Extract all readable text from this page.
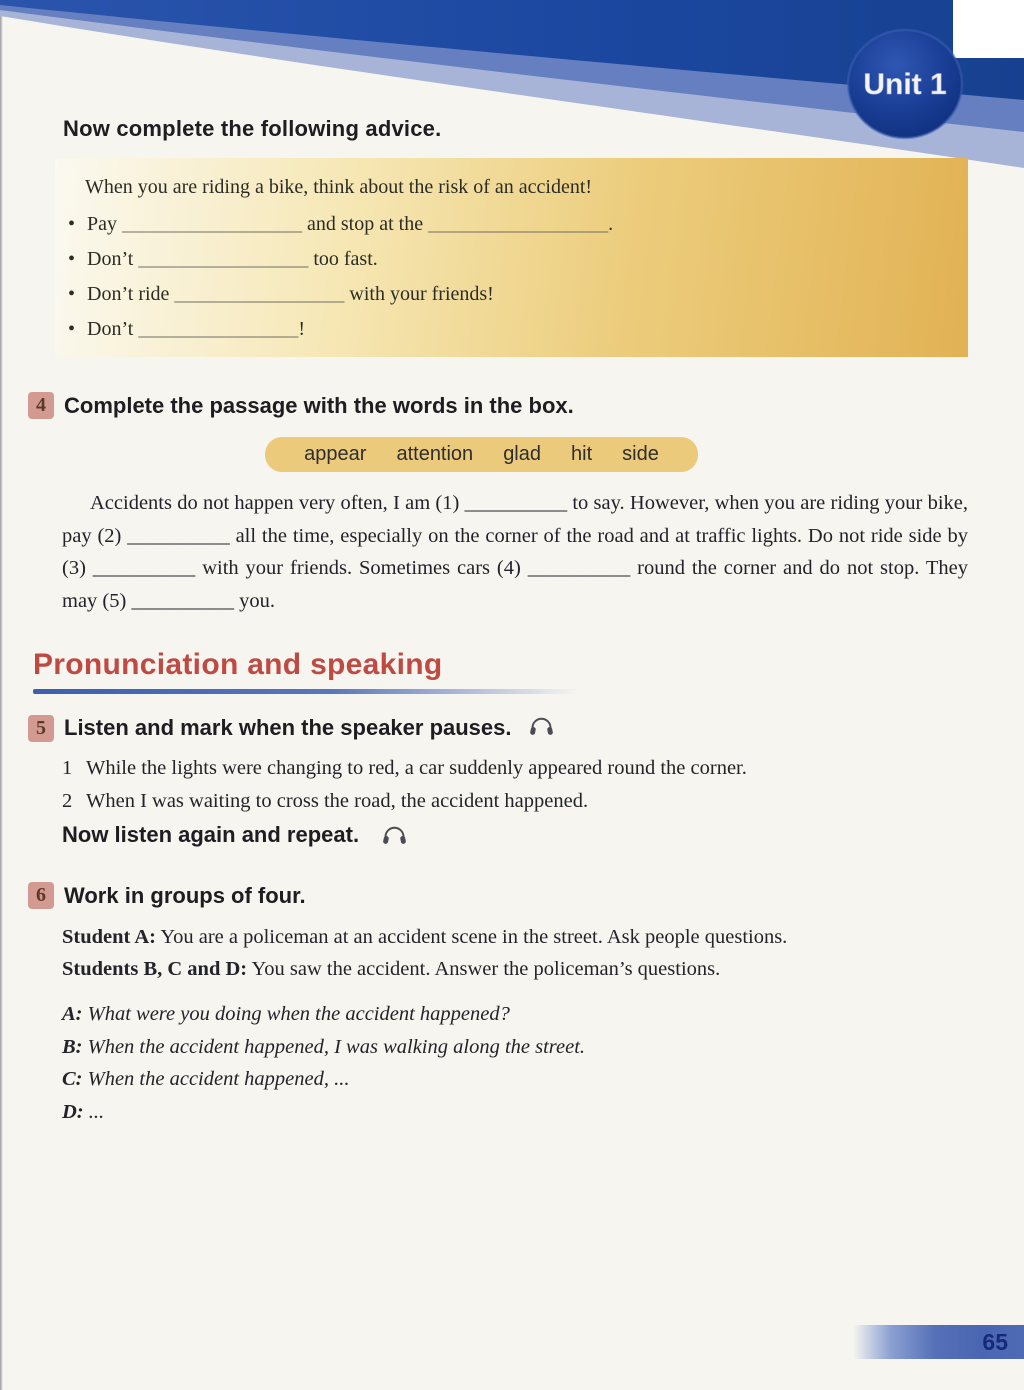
Unit 1
Now complete the following advice.
When you are riding a bike, think about the risk of an accident!
• Pay __________________ and stop at the __________________.
• Don’t _________________ too fast.
• Don’t ride _________________ with your friends!
• Don’t ________________!
4 Complete the passage with the words in the box.
appear attention glad hit side

Accidents do not happen very often, I am (1) __________ to say. However, when you are riding your bike, pay (2) __________ all the time, especially on the corner of the road and at traffic lights. Do not ride side by (3) __________ with your friends. Sometimes cars (4) __________ round the corner and do not stop. They may (5) __________ you.

Pronunciation and speaking
5 Listen and mark when the speaker pauses.
1 While the lights were changing to red, a car suddenly appeared round the corner.
2 When I was waiting to cross the road, the accident happened.
Now listen again and repeat.
6 Work in groups of four.
Student A: You are a policeman at an accident scene in the street. Ask people questions.
Students B, C and D: You saw the accident. Answer the policeman’s questions.
A: What were you doing when the accident happened?
B: When the accident happened, I was walking along the street.
C: When the accident happened, ...
D: ...
65
